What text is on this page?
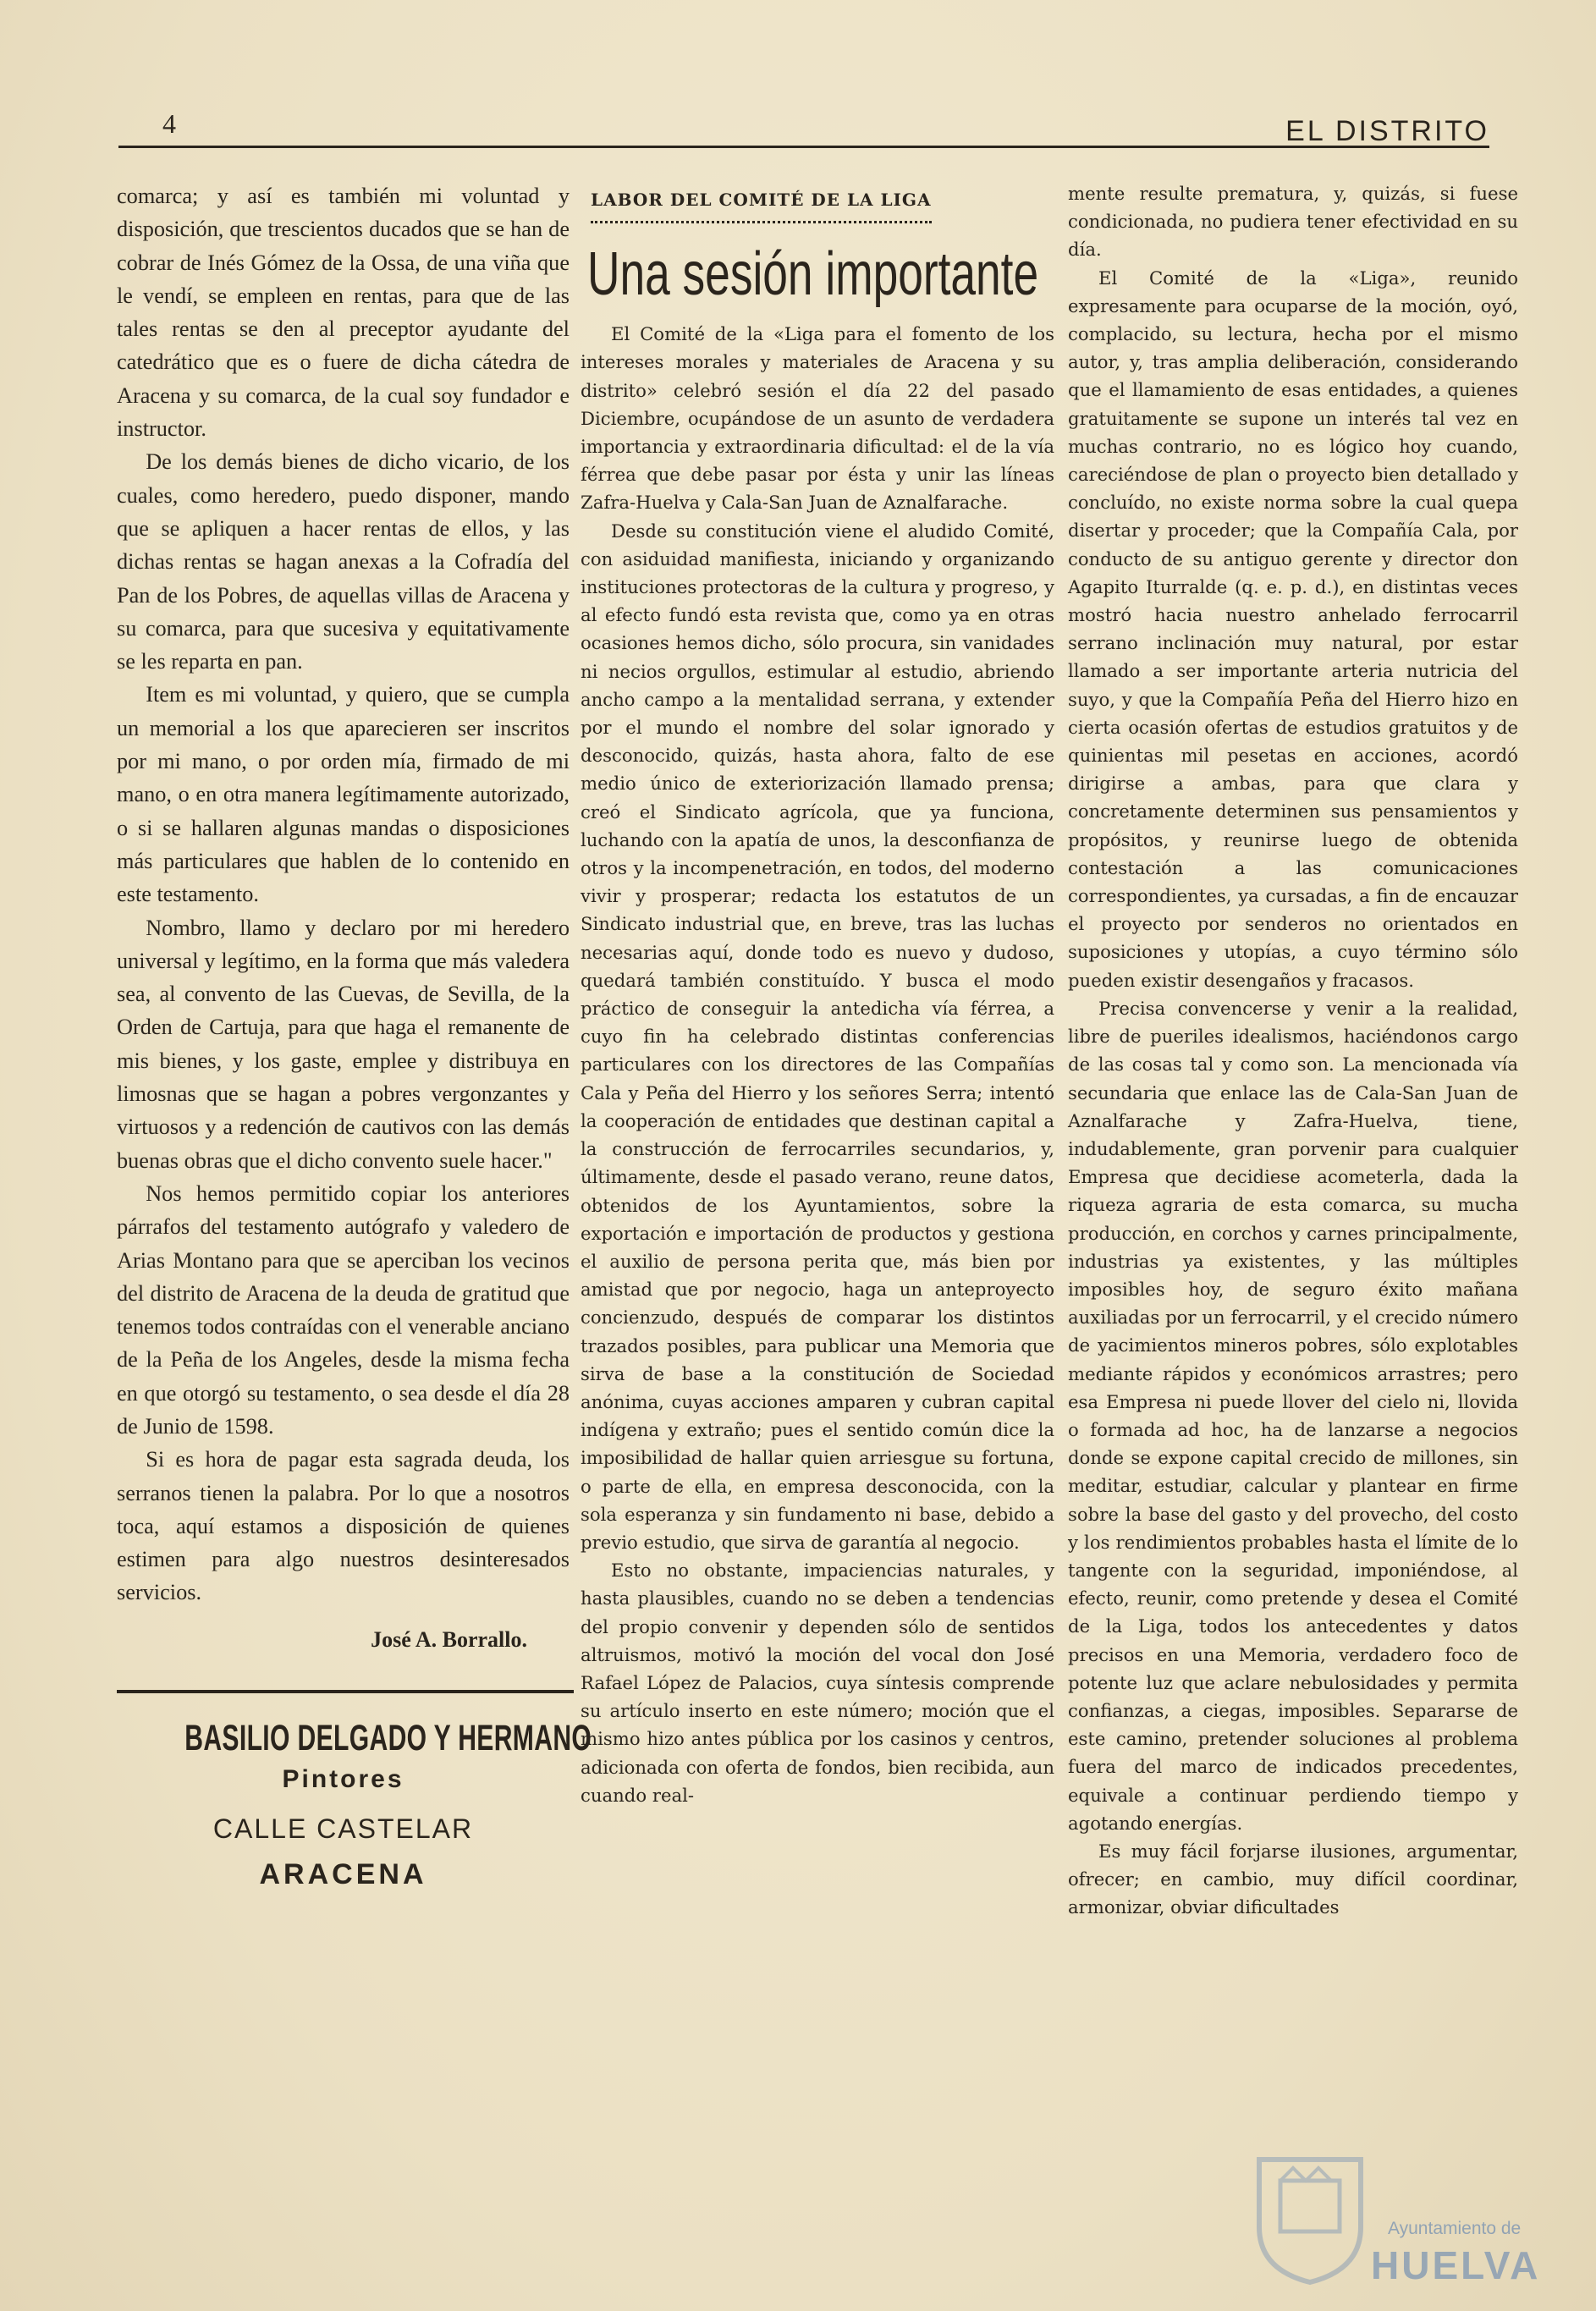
4	EL DISTRITO

comarca; y así es también mi voluntad y disposición, que trescientos ducados que se han de cobrar de Inés Gómez de la Ossa, de una viña que le vendí, se empleen en rentas, para que de las tales rentas se den al preceptor ayudante del catedrático que es o fuere de dicha cátedra de Aracena y su comarca, de la cual soy fundador e instructor.

De los demás bienes de dicho vicario, de los cuales, como heredero, puedo disponer, mando que se apliquen a hacer rentas de ellos, y las dichas rentas se hagan anexas a la Cofradía del Pan de los Pobres, de aquellas villas de Aracena y su comarca, para que sucesiva y equitativamente se les reparta en pan.

Item es mi voluntad, y quiero, que se cumpla un memorial a los que aparecieren ser inscritos por mi mano, o por orden mía, firmado de mi mano, o en otra manera legítimamente autorizado, o si se hallaren algunas mandas o disposiciones más particulares que hablen de lo contenido en este testamento.

Nombro, llamo y declaro por mi heredero universal y legítimo, en la forma que más valedera sea, al convento de las Cuevas, de Sevilla, de la Orden de Cartuja, para que haga el remanente de mis bienes, y los gaste, emplee y distribuya en limosnas que se hagan a pobres vergonzantes y virtuosos y a redención de cautivos con las demás buenas obras que el dicho convento suele hacer."

Nos hemos permitido copiar los anteriores párrafos del testamento autógrafo y valedero de Arias Montano para que se aperciban los vecinos del distrito de Aracena de la deuda de gratitud que tenemos todos contraídas con el venerable anciano de la Peña de los Angeles, desde la misma fecha en que otorgó su testamento, o sea desde el día 28 de Junio de 1598.

Si es hora de pagar esta sagrada deuda, los serranos tienen la palabra. Por lo que a nosotros toca, aquí estamos a disposición de quienes estimen para algo nuestros desinteresados servicios.

José A. Borrallo.
BASILIO DELGADO Y HERMANO
Pintores
CALLE CASTELAR
ARACENA
LABOR DEL COMITÉ DE LA LIGA
Una sesión importante

El Comité de la «Liga para el fomento de los intereses morales y materiales de Aracena y su distrito» celebró sesión el día 22 del pasado Diciembre, ocupándose de un asunto de verdadera importancia y extraordinaria dificultad: el de la vía férrea que debe pasar por ésta y unir las líneas Zafra-Huelva y Cala-San Juan de Aznalfarache.

Desde su constitución viene el aludido Comité, con asiduidad manifiesta, iniciando y organizando instituciones protectoras de la cultura y progreso, y al efecto fundó esta revista que, como ya en otras ocasiones hemos dicho, sólo procura, sin vanidades ni necios orgullos, estimular al estudio, abriendo ancho campo a la mentalidad serrana, y extender por el mundo el nombre del solar ignorado y desconocido, quizás, hasta ahora, falto de ese medio único de exteriorización llamado prensa; creó el Sindicato agrícola, que ya funciona, luchando con la apatía de unos, la desconfianza de otros y la incompenetración, en todos, del moderno vivir y prosperar; redacta los estatutos de un Sindicato industrial que, en breve, tras las luchas necesarias aquí, donde todo es nuevo y dudoso, quedará también constituído. Y busca el modo práctico de conseguir la antedicha vía férrea, a cuyo fin ha celebrado distintas conferencias particulares con los directores de las Compañías Cala y Peña del Hierro y los señores Serra; intentó la cooperación de entidades que destinan capital a la construcción de ferrocarriles secundarios, y, últimamente, desde el pasado verano, reune datos, obtenidos de los Ayuntamientos, sobre la exportación e importación de productos y gestiona el auxilio de persona perita que, más bien por amistad que por negocio, haga un anteproyecto concienzudo, después de comparar los distintos trazados posibles, para publicar una Memoria que sirva de base a la constitución de Sociedad anónima, cuyas acciones amparen y cubran capital indígena y extraño; pues el sentido común dice la imposibilidad de hallar quien arriesgue su fortuna, o parte de ella, en empresa desconocida, con la sola esperanza y sin fundamento ni base, debido a previo estudio, que sirva de garantía al negocio.

Esto no obstante, impaciencias naturales, y hasta plausibles, cuando no se deben a tendencias del propio convenir y dependen sólo de sentidos altruismos, motivó la moción del vocal don José Rafael López de Palacios, cuya síntesis comprende su artículo inserto en este número; moción que el mismo hizo antes pública por los casinos y centros, adicionada con oferta de fondos, bien recibida, aun cuando real-

mente resulte prematura, y, quizás, si fuese condicionada, no pudiera tener efectividad en su día.

El Comité de la «Liga», reunido expresamente para ocuparse de la moción, oyó, complacido, su lectura, hecha por el mismo autor, y, tras amplia deliberación, considerando que el llamamiento de esas entidades, a quienes gratuitamente se supone un interés tal vez en muchas contrario, no es lógico hoy cuando, careciéndose de plan o proyecto bien detallado y concluído, no existe norma sobre la cual quepa disertar y proceder; que la Compañía Cala, por conducto de su antiguo gerente y director don Agapito Iturralde (q. e. p. d.), en distintas veces mostró hacia nuestro anhelado ferrocarril serrano inclinación muy natural, por estar llamado a ser importante arteria nutricia del suyo, y que la Compañía Peña del Hierro hizo en cierta ocasión ofertas de estudios gratuitos y de quinientas mil pesetas en acciones, acordó dirigirse a ambas, para que clara y concretamente determinen sus pensamientos y propósitos, y reunirse luego de obtenida contestación a las comunicaciones correspondientes, ya cursadas, a fin de encauzar el proyecto por senderos no orientados en suposiciones y utopías, a cuyo término sólo pueden existir desengaños y fracasos.

Precisa convencerse y venir a la realidad, libre de pueriles idealismos, haciéndonos cargo de las cosas tal y como son. La mencionada vía secundaria que enlace las de Cala-San Juan de Aznalfarache y Zafra-Huelva, tiene, indudablemente, gran porvenir para cualquier Empresa que decidiese acometerla, dada la riqueza agraria de esta comarca, su mucha producción, en corchos y carnes principalmente, industrias ya existentes, y las múltiples imposibles hoy, de seguro éxito mañana auxiliadas por un ferrocarril, y el crecido número de yacimientos mineros pobres, sólo explotables mediante rápidos y económicos arrastres; pero esa Empresa ni puede llover del cielo ni, llovida o formada ad hoc, ha de lanzarse a negocios donde se expone capital crecido de millones, sin meditar, estudiar, calcular y plantear en firme sobre la base del gasto y del provecho, del costo y los rendimientos probables hasta el límite de lo tangente con la seguridad, imponiéndose, al efecto, reunir, como pretende y desea el Comité de la Liga, todos los antecedentes y datos precisos en una Memoria, verdadero foco de potente luz que aclare nebulosidades y permita confianzas, a ciegas, imposibles. Separarse de este camino, pretender soluciones al problema fuera del marco de indicados precedentes, equivale a continuar perdiendo tiempo y agotando energías.

Es muy fácil forjarse ilusiones, argumentar, ofrecer; en cambio, muy difícil coordinar, armonizar, obviar dificultades

Ayuntamiento de
HUELVA
